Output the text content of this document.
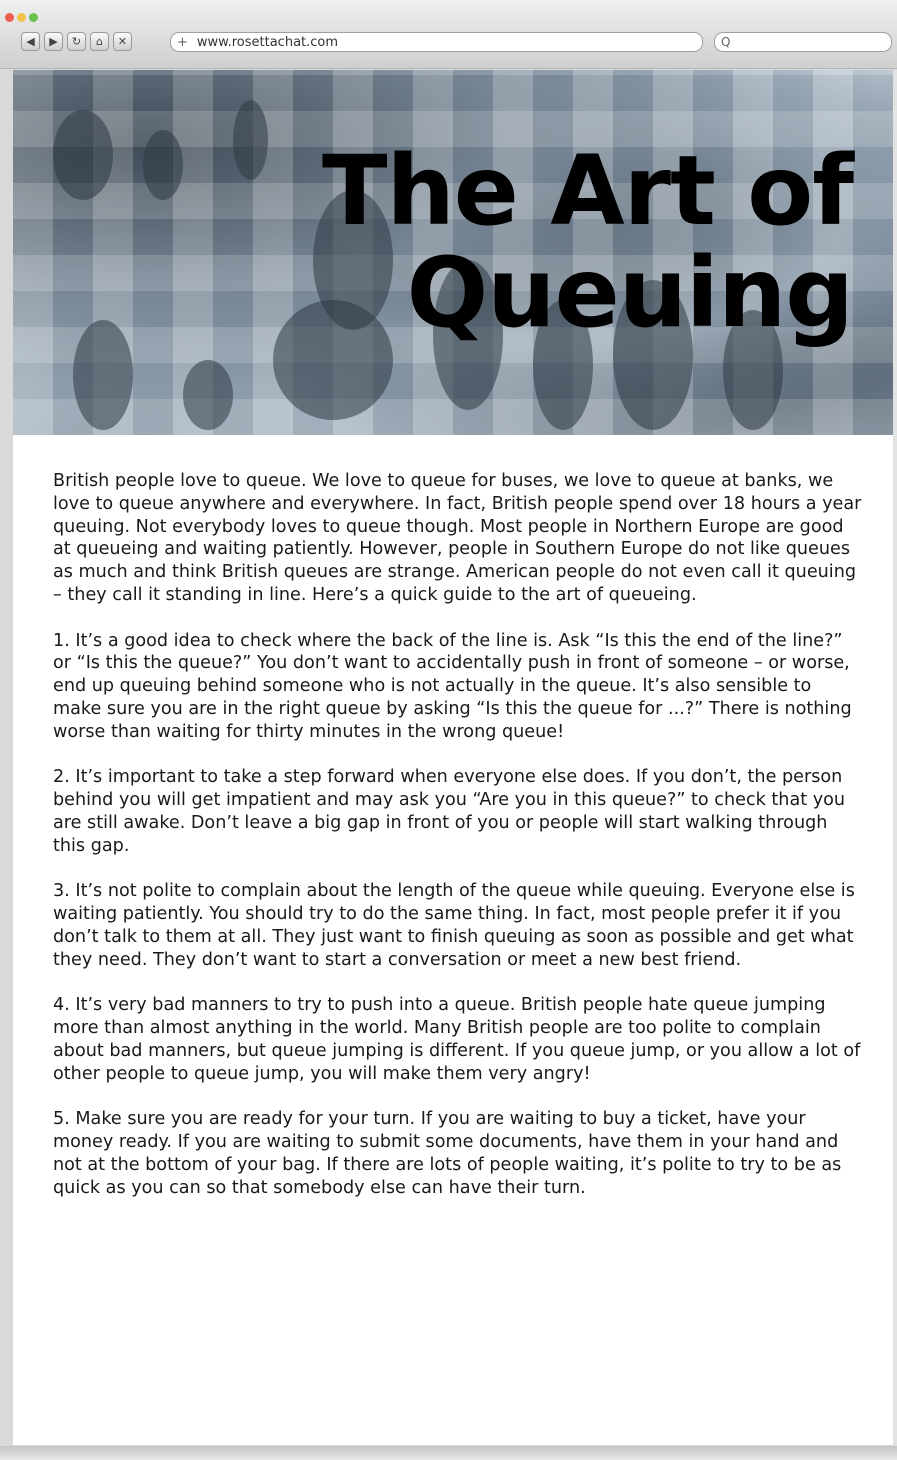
◀	▶	↻	⌂	✕	+ www.rosettachat.com	Q
The Art of
Queuing

British people love to queue. We love to queue for buses, we love to queue at banks, we love to queue anywhere and everywhere. In fact, British people spend over 18 hours a year queuing. Not everybody loves to queue though. Most people in Northern Europe are good at queueing and waiting patiently. However, people in Southern Europe do not like queues as much and think British queues are strange. American people do not even call it queuing – they call it standing in line. Here’s a quick guide to the art of queueing.

1. It’s a good idea to check where the back of the line is. Ask “Is this the end of the line?” or “Is this the queue?” You don’t want to accidentally push in front of someone – or worse, end up queuing behind someone who is not actually in the queue. It’s also sensible to make sure you are in the right queue by asking “Is this the queue for ...?” There is nothing worse than waiting for thirty minutes in the wrong queue!

2. It’s important to take a step forward when everyone else does. If you don’t, the person behind you will get impatient and may ask you “Are you in this queue?” to check that you are still awake. Don’t leave a big gap in front of you or people will start walking through this gap.

3. It’s not polite to complain about the length of the queue while queuing. Everyone else is waiting patiently. You should try to do the same thing. In fact, most people prefer it if you don’t talk to them at all. They just want to finish queuing as soon as possible and get what they need. They don’t want to start a conversation or meet a new best friend.

4. It’s very bad manners to try to push into a queue. British people hate queue jumping more than almost anything in the world. Many British people are too polite to complain about bad manners, but queue jumping is different. If you queue jump, or you allow a lot of other people to queue jump, you will make them very angry!

5. Make sure you are ready for your turn. If you are waiting to buy a ticket, have your money ready. If you are waiting to submit some documents, have them in your hand and not at the bottom of your bag. If there are lots of people waiting, it’s polite to try to be as quick as you can so that somebody else can have their turn.
